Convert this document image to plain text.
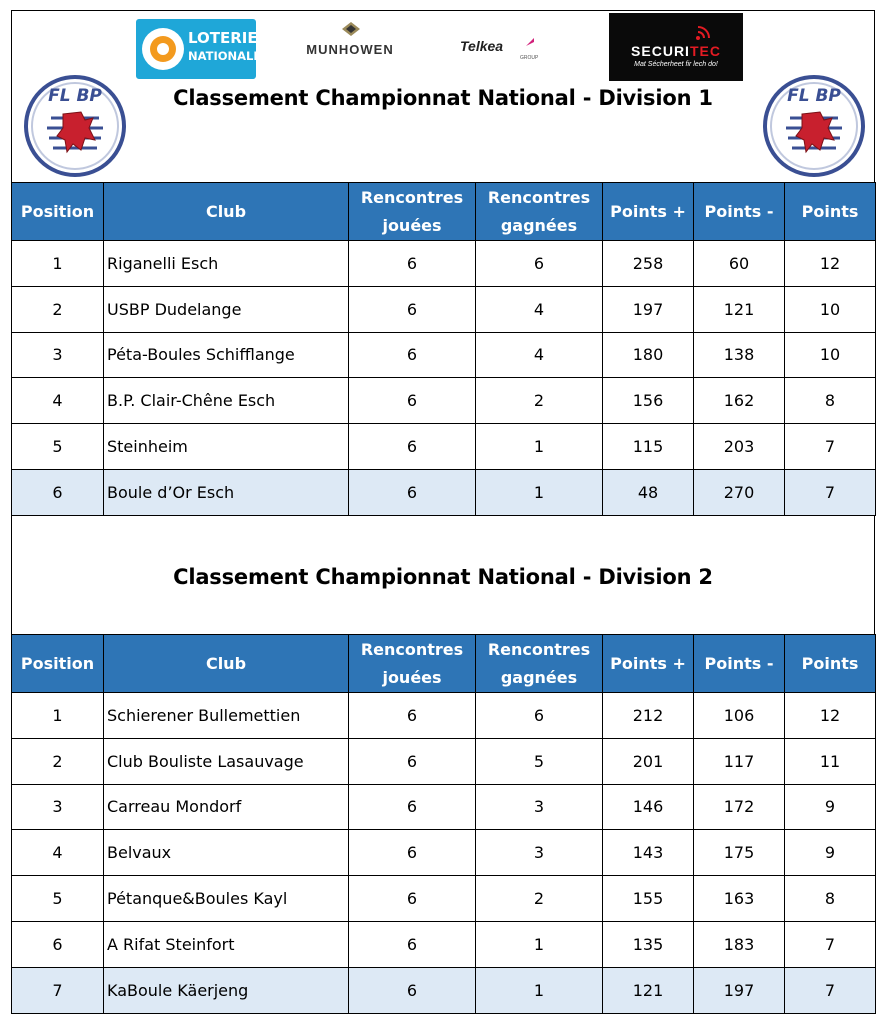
LOTERIE
NATIONALE	MUNHOWEN	Telkea
GROUP	SECURITEC
Mat Sécherheet fir lech do!
FL BP	FL BP
Classement Championnat National - Division 1
Position	Club	Rencontres jouées	Rencontres gagnées	Points +	Points -	Points
1	Riganelli Esch	6	6	258	60	12
2	USBP Dudelange	6	4	197	121	10
3	Péta-Boules Schifflange	6	4	180	138	10
4	B.P. Clair-Chêne Esch	6	2	156	162	8
5	Steinheim	6	1	115	203	7
6	Boule d’Or Esch	6	1	48	270	7
Classement Championnat National - Division 2
Position	Club	Rencontres jouées	Rencontres gagnées	Points +	Points -	Points
1	Schierener Bullemettien	6	6	212	106	12
2	Club Bouliste Lasauvage	6	5	201	117	11
3	Carreau Mondorf	6	3	146	172	9
4	Belvaux	6	3	143	175	9
5	Pétanque&Boules Kayl	6	2	155	163	8
6	A Rifat Steinfort	6	1	135	183	7
7	KaBoule Käerjeng	6	1	121	197	7
